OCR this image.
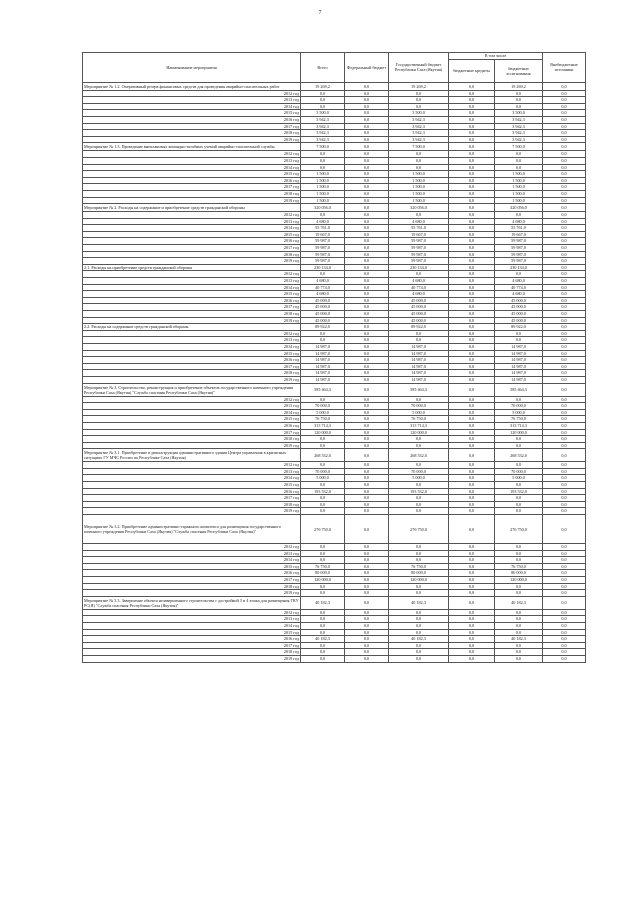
7
Наименование мероприятия	Всего	Федеральный бюджет	Государственный бюджет Республики Саха (Якутия)	В том числе		Внебюджетные источники
				бюджетные кредиты	бюджетные ассигнования	
Мероприятие № 1.2. Оперативный резерв финансовых средств для проведения аварийно-спасательных работ	19 269,2	0,0	19 269,2	0,0	19 269,2	0,0
2012 год	0,0	0,0	0,0	0,0	0,0	0,0
2013 год	0,0	0,0	0,0	0,0	0,0	0,0
2014 год	0,0	0,0	0,0	0,0	0,0	0,0
2015 год	3 500,0	0,0	3 500,0	0,0	3 500,0	0,0
2016 год	3 942,3	0,0	3 942,3	0,0	3 942,3	0,0
2017 год	3 942,3	0,0	3 942,3	0,0	3 942,3	0,0
2018 год	3 942,3	0,0	3 942,3	0,0	3 942,3	0,0
2019 год	3 942,3	0,0	3 942,3	0,0	3 942,3	0,0
Мероприятие № 1.3. Проведение внеплановых командно-штабных учений аварийно-спасательной службы	7 500,0	0,0	7 500,0	0,0	7 500,0	0,0
2012 год	0,0	0,0	0,0	0,0	0,0	0,0
2013 год	0,0	0,0	0,0	0,0	0,0	0,0
2014 год	0,0	0,0	0,0	0,0	0,0	0,0
2015 год	1 500,0	0,0	1 500,0	0,0	1 500,0	0,0
2016 год	1 500,0	0,0	1 500,0	0,0	1 500,0	0,0
2017 год	1 500,0	0,0	1 500,0	0,0	1 500,0	0,0
2018 год	1 500,0	0,0	1 500,0	0,0	1 500,0	0,0
2019 год	1 500,0	0,0	1 500,0	0,0	1 500,0	0,0
Мероприятие № 2. Расходы на содержание и приобретение средств гражданской обороны	320 056,0	0,0	320 056,0	0,0	320 056,0	0,0
2012 год	0,0	0,0	0,0	0,0	0,0	0,0
2013 год	4 680,0	0,0	4 680,0	0,0	4 680,0	0,0
2014 год	55 761,0	0,0	55 761,0	0,0	55 761,0	0,0
2015 год	19 667,0	0,0	19 667,0	0,0	19 667,0	0,0
2016 год	59 987,0	0,0	59 987,0	0,0	59 987,0	0,0
2017 год	59 987,0	0,0	59 987,0	0,0	59 987,0	0,0
2018 год	59 987,0	0,0	59 987,0	0,0	59 987,0	0,0
2019 год	59 987,0	0,0	59 987,0	0,0	59 987,0	0,0
2.1. Расходы на приобретение средств гражданской обороны	230 134,0	0,0	230 134,0	0,0	230 134,0	0,0
2012 год	0,0	0,0	0,0	0,0	0,0	0,0
2013 год	4 680,0	0,0	4 680,0	0,0	4 680,0	0,0
2014 год	40 774,0	0,0	40 774,0	0,0	40 774,0	0,0
2015 год	4 680,0	0,0	4 680,0	0,0	4 680,0	0,0
2016 год	45 000,0	0,0	45 000,0	0,0	45 000,0	0,0
2017 год	45 000,0	0,0	45 000,0	0,0	45 000,0	0,0
2018 год	45 000,0	0,0	45 000,0	0,0	45 000,0	0,0
2019 год	45 000,0	0,0	45 000,0	0,0	45 000,0	0,0
2.2. Расходы на содержание средств гражданской обороны	89 922,0	0,0	89 922,0	0,0	89 922,0	0,0
2012 год	0,0	0,0	0,0	0,0	0,0	0,0
2013 год	0,0	0,0	0,0	0,0	0,0	0,0
2014 год	14 987,0	0,0	14 987,0	0,0	14 987,0	0,0
2015 год	14 987,0	0,0	14 987,0	0,0	14 987,0	0,0
2016 год	14 987,0	0,0	14 987,0	0,0	14 987,0	0,0
2017 год	14 987,0	0,0	14 987,0	0,0	14 987,0	0,0
2018 год	14 987,0	0,0	14 987,0	0,0	14 987,0	0,0
2019 год	14 987,0	0,0	14 987,0	0,0	14 987,0	0,0
Мероприятие № 3. Строительство, реконструкция и приобретение объектов государственного казенного учреждения Республики Саха (Якутия) "Служба спасения Республики Саха (Якутия)"	585 464,3	0,0	585 464,3	0,0	585 464,3	0,0
2012 год	0,0	0,0	0,0	0,0	0,0	0,0
2013 год	70 000,0	0,0	70 000,0	0,0	70 000,0	0,0
2014 год	5 000,0	0,0	5 000,0	0,0	5 000,0	0,0
2015 год	76 750,0	0,0	76 750,0	0,0	76 750,0	0,0
2016 год	313 714,3	0,0	313 714,3	0,0	313 714,3	0,0
2017 год	120 000,0	0,0	120 000,0	0,0	120 000,0	0,0
2018 год	0,0	0,0	0,0	0,0	0,0	0,0
2019 год	0,0	0,0	0,0	0,0	0,0	0,0
Мероприятие № 3.1. Приобретение и реконструкция административного здания Центра управления в кризисных ситуациях ГУ МЧС России по Республике Саха (Якутия)	268 532,0	0,0	268 532,0	0,0	268 532,0	0,0
2012 год	0,0	0,0	0,0	0,0	0,0	0,0
2013 год	70 000,0	0,0	70 000,0	0,0	70 000,0	0,0
2014 год	5 000,0	0,0	5 000,0	0,0	5 000,0	0,0
2015 год	0,0	0,0	0,0	0,0	0,0	0,0
2016 год	193 532,0	0,0	193 532,0	0,0	193 532,0	0,0
2017 год	0,0	0,0	0,0	0,0	0,0	0,0
2018 год	0,0	0,0	0,0	0,0	0,0	0,0
2019 год	0,0	0,0	0,0	0,0	0,0	0,0
Мероприятие № 3.2. Приобретение административно-гаражного комплекса для размещения государственного казенного учреждения Республики Саха (Якутия) "Служба спасения Республики Саха (Якутия)"	276 750,0	0,0	276 750,0	0,0	276 750,0	0,0
2012 год	0,0	0,0	0,0	0,0	0,0	0,0
2013 год	0,0	0,0	0,0	0,0	0,0	0,0
2014 год	0,0	0,0	0,0	0,0	0,0	0,0
2015 год	76 750,0	0,0	76 750,0	0,0	76 750,0	0,0
2016 год	80 000,0	0,0	80 000,0	0,0	80 000,0	0,0
2017 год	120 000,0	0,0	120 000,0	0,0	120 000,0	0,0
2018 год	0,0	0,0	0,0	0,0	0,0	0,0
2019 год	0,0	0,0	0,0	0,0	0,0	0,0
Мероприятие № 3.3. Завершение объекта незавершенного строительства с достройкой 3 и 4 этажа для размещения ГКУ РС(Я) "Служба спасения Республики Саха (Якутия)"	40 182,3	0,0	40 182,3	0,0	40 182,3	0,0
2012 год	0,0	0,0	0,0	0,0	0,0	0,0
2013 год	0,0	0,0	0,0	0,0	0,0	0,0
2014 год	0,0	0,0	0,0	0,0	0,0	0,0
2015 год	0,0	0,0	0,0	0,0	0,0	0,0
2016 год	40 182,3	0,0	40 182,3	0,0	40 182,3	0,0
2017 год	0,0	0,0	0,0	0,0	0,0	0,0
2018 год	0,0	0,0	0,0	0,0	0,0	0,0
2019 год	0,0	0,0	0,0	0,0	0,0	0,0
